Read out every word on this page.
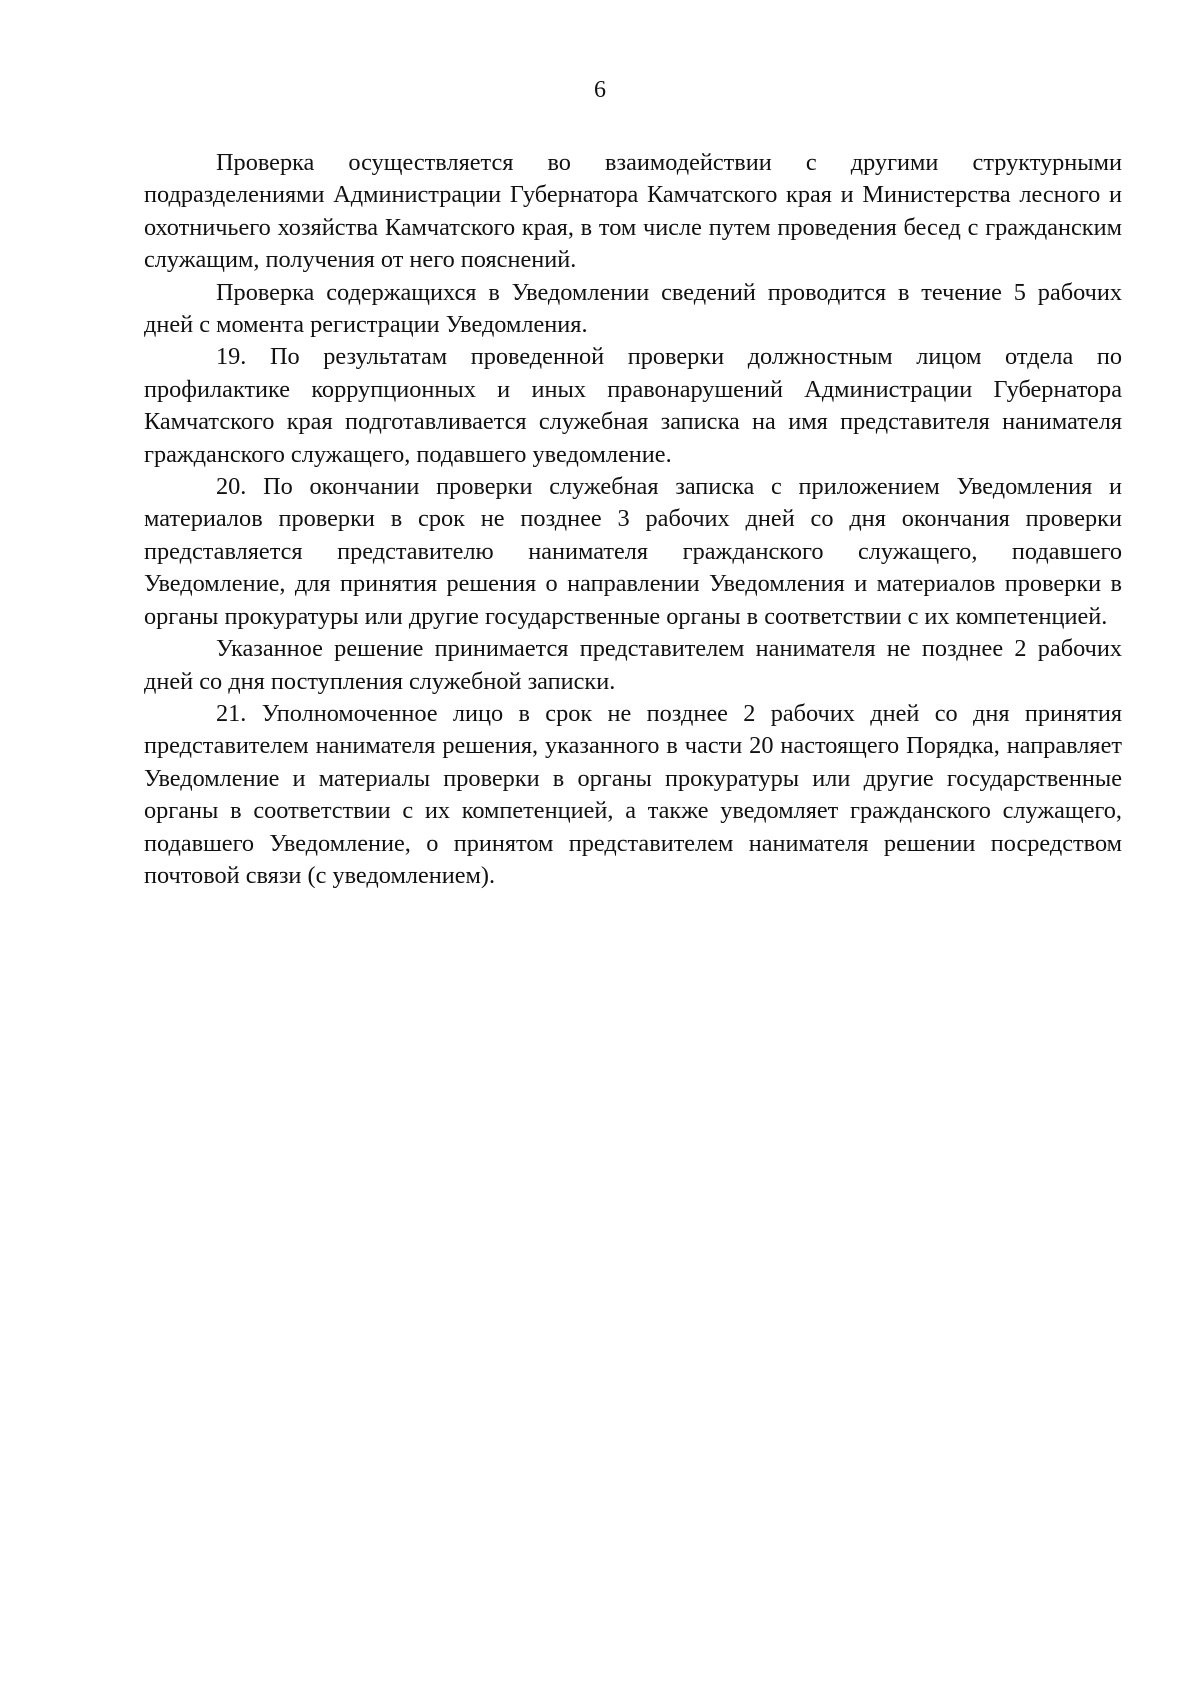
6

Проверка осуществляется во взаимодействии с другими структурными подразделениями Администрации Губернатора Камчатского края и Министерства лесного и охотничьего хозяйства Камчатского края, в том числе путем проведения бесед с гражданским служащим, получения от него пояснений.

Проверка содержащихся в Уведомлении сведений проводится в течение 5 рабочих дней с момента регистрации Уведомления.

19. По результатам проведенной проверки должностным лицом отдела по профилактике коррупционных и иных правонарушений Администрации Губернатора Камчатского края подготавливается служебная записка на имя представителя нанимателя гражданского служащего, подавшего уведомление.

20. По окончании проверки служебная записка с приложением Уведомления и материалов проверки в срок не позднее 3 рабочих дней со дня окончания проверки представляется представителю нанимателя гражданского служащего, подавшего Уведомление, для принятия решения о направлении Уведомления и материалов проверки в органы прокуратуры или другие государственные органы в соответствии с их компетенцией.

Указанное решение принимается представителем нанимателя не позднее 2 рабочих дней со дня поступления служебной записки.

21. Уполномоченное лицо в срок не позднее 2 рабочих дней со дня принятия представителем нанимателя решения, указанного в части 20 настоящего Порядка, направляет Уведомление и материалы проверки в органы прокуратуры или другие государственные органы в соответствии с их компетенцией, а также уведомляет гражданского служащего, подавшего Уведомление, о принятом представителем нанимателя решении посредством почтовой связи (с уведомлением).
